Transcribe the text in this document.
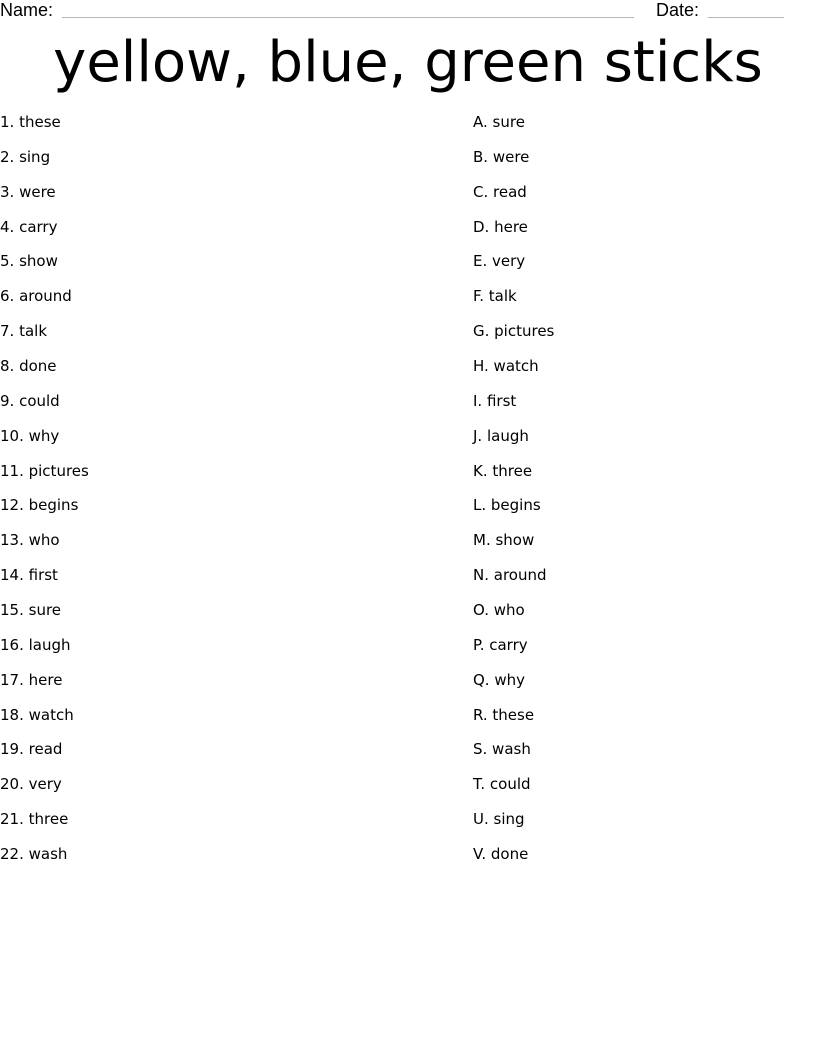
Name:	Date:
yellow, blue, green sticks
1. these
2. sing
3. were
4. carry
5. show
6. around
7. talk
8. done
9. could
10. why
11. pictures
12. begins
13. who
14. first
15. sure
16. laugh
17. here
18. watch
19. read
20. very
21. three
22. wash
A. sure
B. were
C. read
D. here
E. very
F. talk
G. pictures
H. watch
I. first
J. laugh
K. three
L. begins
M. show
N. around
O. who
P. carry
Q. why
R. these
S. wash
T. could
U. sing
V. done
